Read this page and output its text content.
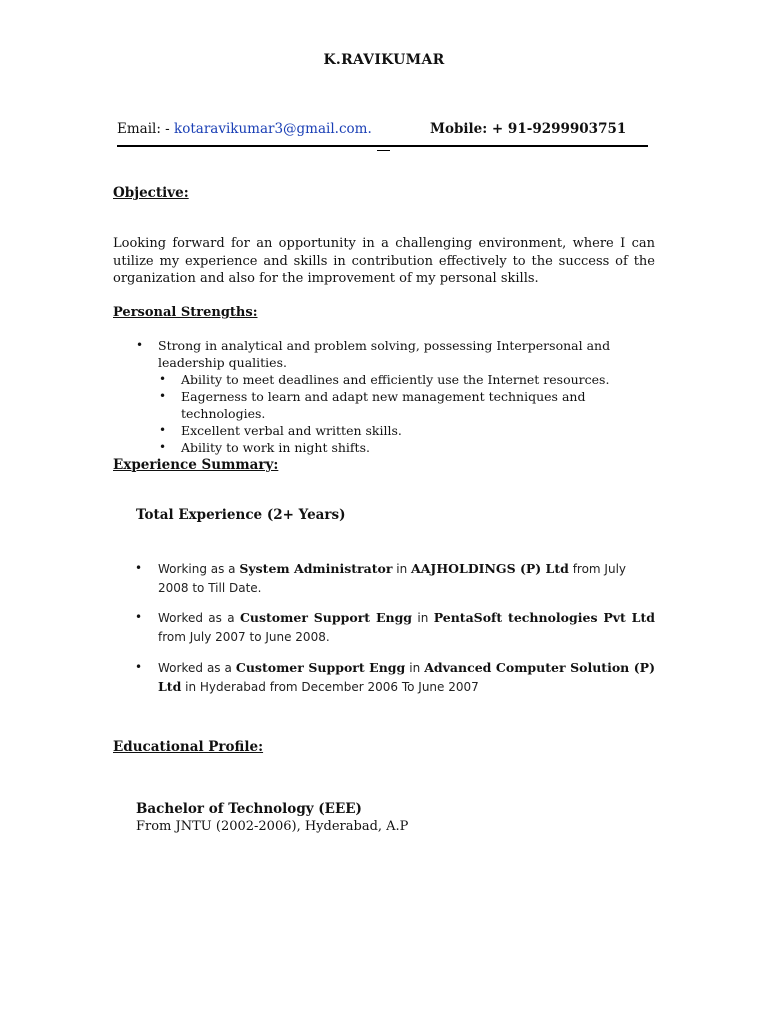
K.RAVIKUMAR
Email: - kotaravikumar3@gmail.com.	Mobile: + 91-9299903751
Objective:
Looking forward for an opportunity in a challenging environment, where I can utilize my experience and skills in contribution effectively to the success of the organization and also for the improvement of my personal skills.
Personal Strengths:
• Strong in analytical and problem solving, possessing Interpersonal and leadership qualities.
• Ability to meet deadlines and efficiently use the Internet resources.
• Eagerness to learn and adapt new management techniques and technologies.
• Excellent verbal and written skills.
• Ability to work in night shifts.
Experience Summary:
Total Experience (2+ Years)
• Working as a System Administrator in AAJHOLDINGS (P) Ltd from July 2008 to Till Date.
• Worked as a Customer Support Engg in PentaSoft technologies Pvt Ltd from July 2007 to June 2008.
• Worked as a Customer Support Engg in Advanced Computer Solution (P) Ltd in Hyderabad from December 2006 To June 2007
Educational Profile:
Bachelor of Technology (EEE)
From JNTU (2002-2006), Hyderabad, A.P
